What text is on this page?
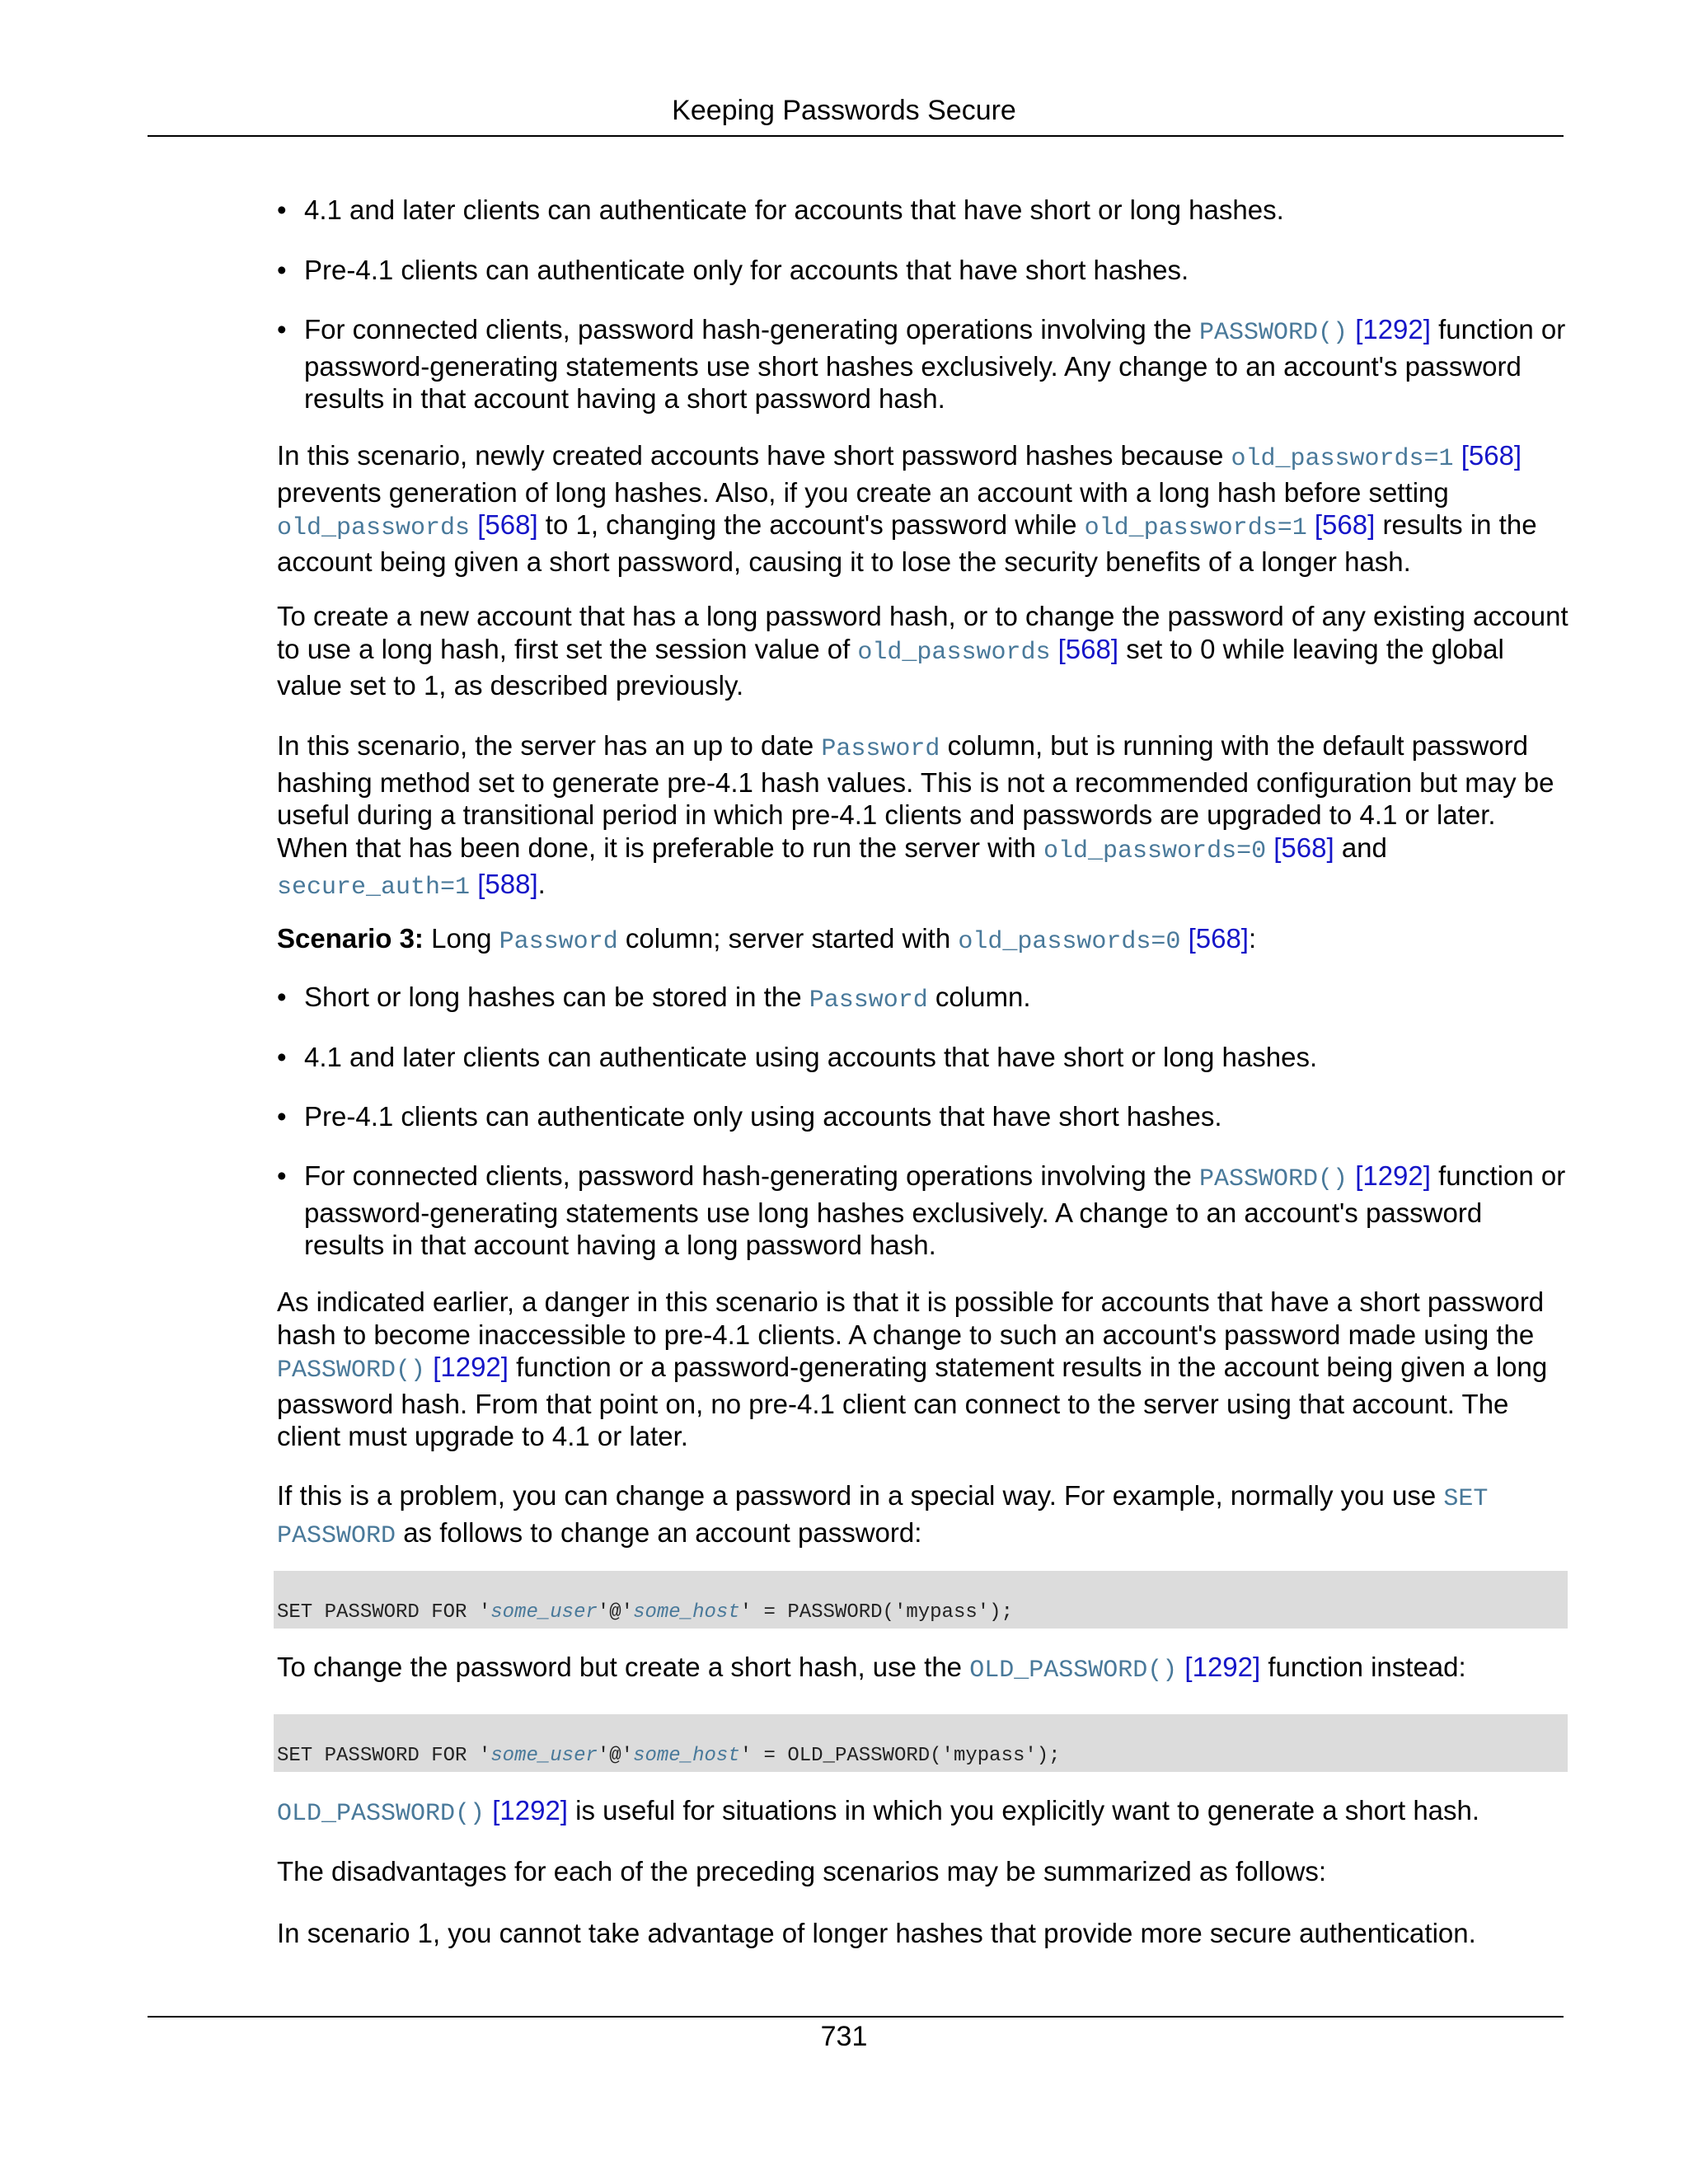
Keeping Passwords Secure
• 4.1 and later clients can authenticate for accounts that have short or long hashes.
• Pre-4.1 clients can authenticate only for accounts that have short hashes.
• For connected clients, password hash-generating operations involving the PASSWORD() [1292] function or password-generating statements use short hashes exclusively. Any change to an account's password results in that account having a short password hash.

In this scenario, newly created accounts have short password hashes because old_passwords=1 [568] prevents generation of long hashes. Also, if you create an account with a long hash before setting old_passwords [568] to 1, changing the account's password while old_passwords=1 [568] results in the account being given a short password, causing it to lose the security benefits of a longer hash.

To create a new account that has a long password hash, or to change the password of any existing account to use a long hash, first set the session value of old_passwords [568] set to 0 while leaving the global value set to 1, as described previously.

In this scenario, the server has an up to date Password column, but is running with the default password hashing method set to generate pre-4.1 hash values. This is not a recommended configuration but may be useful during a transitional period in which pre-4.1 clients and passwords are upgraded to 4.1 or later. When that has been done, it is preferable to run the server with old_passwords=0 [568] and secure_auth=1 [588].

Scenario 3: Long Password column; server started with old_passwords=0 [568]:

• Short or long hashes can be stored in the Password column.
• 4.1 and later clients can authenticate using accounts that have short or long hashes.
• Pre-4.1 clients can authenticate only using accounts that have short hashes.
• For connected clients, password hash-generating operations involving the PASSWORD() [1292] function or password-generating statements use long hashes exclusively. A change to an account's password results in that account having a long password hash.

As indicated earlier, a danger in this scenario is that it is possible for accounts that have a short password hash to become inaccessible to pre-4.1 clients. A change to such an account's password made using the PASSWORD() [1292] function or a password-generating statement results in the account being given a long password hash. From that point on, no pre-4.1 client can connect to the server using that account. The client must upgrade to 4.1 or later.

If this is a problem, you can change a password in a special way. For example, normally you use SET PASSWORD as follows to change an account password:

SET PASSWORD FOR 'some_user'@'some_host' = PASSWORD('mypass');

To change the password but create a short hash, use the OLD_PASSWORD() [1292] function instead:

SET PASSWORD FOR 'some_user'@'some_host' = OLD_PASSWORD('mypass');

OLD_PASSWORD() [1292] is useful for situations in which you explicitly want to generate a short hash.

The disadvantages for each of the preceding scenarios may be summarized as follows:

In scenario 1, you cannot take advantage of longer hashes that provide more secure authentication.

731
